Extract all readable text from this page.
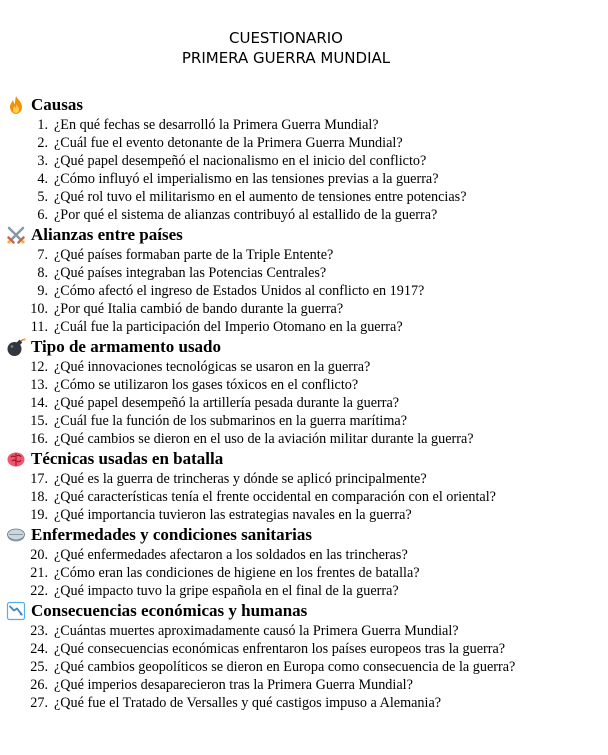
CUESTIONARIO
PRIMERA GUERRA MUNDIAL
Causas
1. ¿En qué fechas se desarrolló la Primera Guerra Mundial?
2. ¿Cuál fue el evento detonante de la Primera Guerra Mundial?
3. ¿Qué papel desempeñó el nacionalismo en el inicio del conflicto?
4. ¿Cómo influyó el imperialismo en las tensiones previas a la guerra?
5. ¿Qué rol tuvo el militarismo en el aumento de tensiones entre potencias?
6. ¿Por qué el sistema de alianzas contribuyó al estallido de la guerra?
Alianzas entre países
7. ¿Qué países formaban parte de la Triple Entente?
8. ¿Qué países integraban las Potencias Centrales?
9. ¿Cómo afectó el ingreso de Estados Unidos al conflicto en 1917?
10. ¿Por qué Italia cambió de bando durante la guerra?
11. ¿Cuál fue la participación del Imperio Otomano en la guerra?
Tipo de armamento usado
12. ¿Qué innovaciones tecnológicas se usaron en la guerra?
13. ¿Cómo se utilizaron los gases tóxicos en el conflicto?
14. ¿Qué papel desempeñó la artillería pesada durante la guerra?
15. ¿Cuál fue la función de los submarinos en la guerra marítima?
16. ¿Qué cambios se dieron en el uso de la aviación militar durante la guerra?
Técnicas usadas en batalla
17. ¿Qué es la guerra de trincheras y dónde se aplicó principalmente?
18. ¿Qué características tenía el frente occidental en comparación con el oriental?
19. ¿Qué importancia tuvieron las estrategias navales en la guerra?
Enfermedades y condiciones sanitarias
20. ¿Qué enfermedades afectaron a los soldados en las trincheras?
21. ¿Cómo eran las condiciones de higiene en los frentes de batalla?
22. ¿Qué impacto tuvo la gripe española en el final de la guerra?
Consecuencias económicas y humanas
23. ¿Cuántas muertes aproximadamente causó la Primera Guerra Mundial?
24. ¿Qué consecuencias económicas enfrentaron los países europeos tras la guerra?
25. ¿Qué cambios geopolíticos se dieron en Europa como consecuencia de la guerra?
26. ¿Qué imperios desaparecieron tras la Primera Guerra Mundial?
27. ¿Qué fue el Tratado de Versalles y qué castigos impuso a Alemania?
